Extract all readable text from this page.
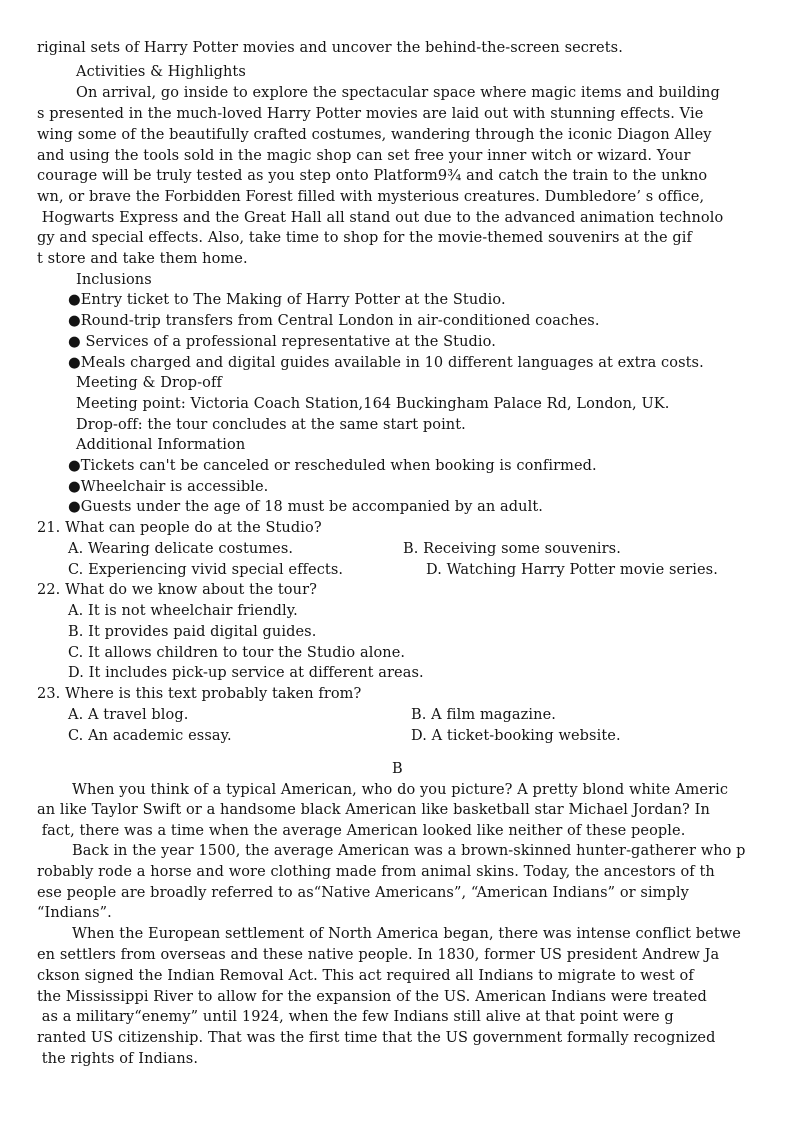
riginal sets of Harry Potter movies and uncover the behind-the-screen secrets.
Activities & Highlights
On arrival, go inside to explore the spectacular space where magic items and building
s presented in the much-loved Harry Potter movies are laid out with stunning effects. Vie
wing some of the beautifully crafted costumes, wandering through the iconic Diagon Alley
and using the tools sold in the magic shop can set free your inner witch or wizard. Your
courage will be truly tested as you step onto Platform9¾ and catch the train to the unkno
wn, or brave the Forbidden Forest filled with mysterious creatures. Dumbledore’ s office,
Hogwarts Express and the Great Hall all stand out due to the advanced animation technolo
gy and special effects. Also, take time to shop for the movie-themed souvenirs at the gif
t store and take them home.
Inclusions
●Entry ticket to The Making of Harry Potter at the Studio.
●Round-trip transfers from Central London in air-conditioned coaches.
● Services of a professional representative at the Studio.
●Meals charged and digital guides available in 10 different languages at extra costs.
Meeting & Drop-off
Meeting point: Victoria Coach Station,164 Buckingham Palace Rd, London, UK.
Drop-off: the tour concludes at the same start point.
Additional Information
●Tickets can't be canceled or rescheduled when booking is confirmed.
●Wheelchair is accessible.
●Guests under the age of 18 must be accompanied by an adult.
21. What can people do at the Studio?
A. Wearing delicate costumes.	B. Receiving some souvenirs.
C. Experiencing vivid special effects.	D. Watching Harry Potter movie series.
22. What do we know about the tour?
A. It is not wheelchair friendly.
B. It provides paid digital guides.
C. It allows children to tour the Studio alone.
D. It includes pick-up service at different areas.
23. Where is this text probably taken from?
A. A travel blog.	B. A film magazine.
C. An academic essay.	D. A ticket-booking website.
B
When you think of a typical American, who do you picture? A pretty blond white Americ
an like Taylor Swift or a handsome black American like basketball star Michael Jordan? In
fact, there was a time when the average American looked like neither of these people.
Back in the year 1500, the average American was a brown-skinned hunter-gatherer who p
robably rode a horse and wore clothing made from animal skins. Today, the ancestors of th
ese people are broadly referred to as“Native Americans”, “American Indians” or simply
“Indians”.
When the European settlement of North America began, there was intense conflict betwe
en settlers from overseas and these native people. In 1830, former US president Andrew Ja
ckson signed the Indian Removal Act. This act required all Indians to migrate to west of
the Mississippi River to allow for the expansion of the US. American Indians were treated
as a military“enemy” until 1924, when the few Indians still alive at that point were g
ranted US citizenship. That was the first time that the US government formally recognized
the rights of Indians.
